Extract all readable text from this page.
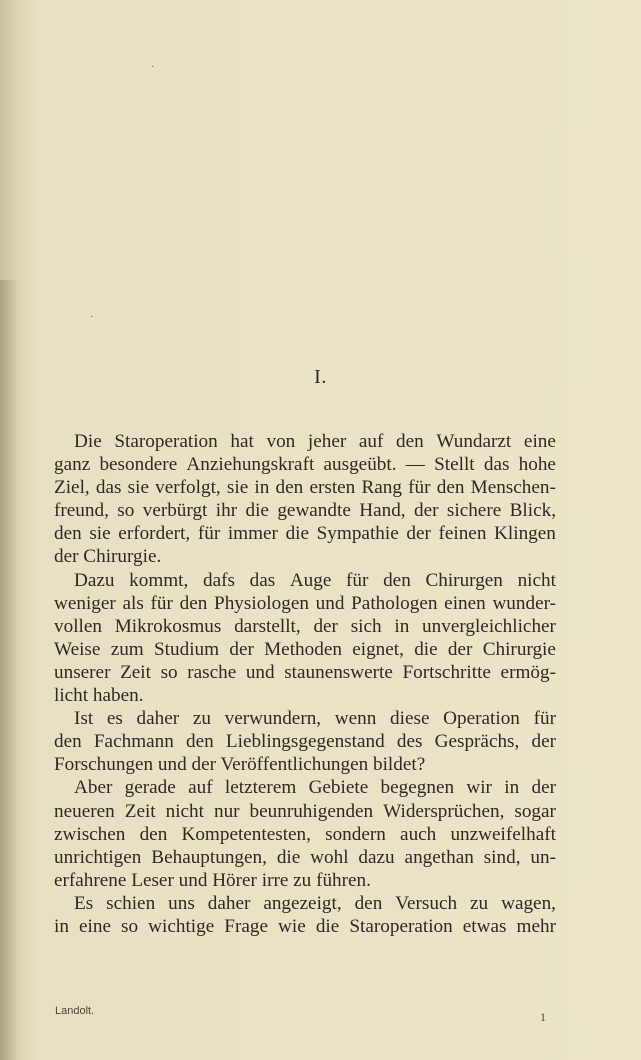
·
·
I.
Die Staroperation hat von jeher auf den Wundarzt eine
ganz besondere Anziehungskraft ausgeübt. — Stellt das hohe
Ziel, das sie verfolgt, sie in den ersten Rang für den Menschen-
freund, so verbürgt ihr die gewandte Hand, der sichere Blick,
den sie erfordert, für immer die Sympathie der feinen Klingen
der Chirurgie.
Dazu kommt, dafs das Auge für den Chirurgen nicht
weniger als für den Physiologen und Pathologen einen wunder-
vollen Mikrokosmus darstellt, der sich in unvergleichlicher
Weise zum Studium der Methoden eignet, die der Chirurgie
unserer Zeit so rasche und staunenswerte Fortschritte ermög-
licht haben.
Ist es daher zu verwundern, wenn diese Operation für
den Fachmann den Lieblingsgegenstand des Gesprächs, der
Forschungen und der Veröffentlichungen bildet?
Aber gerade auf letzterem Gebiete begegnen wir in der
neueren Zeit nicht nur beunruhigenden Widersprüchen, sogar
zwischen den Kompetentesten, sondern auch unzweifelhaft
unrichtigen Behauptungen, die wohl dazu angethan sind, un-
erfahrene Leser und Hörer irre zu führen.
Es schien uns daher angezeigt, den Versuch zu wagen,
in eine so wichtige Frage wie die Staroperation etwas mehr
Landolt.	1
